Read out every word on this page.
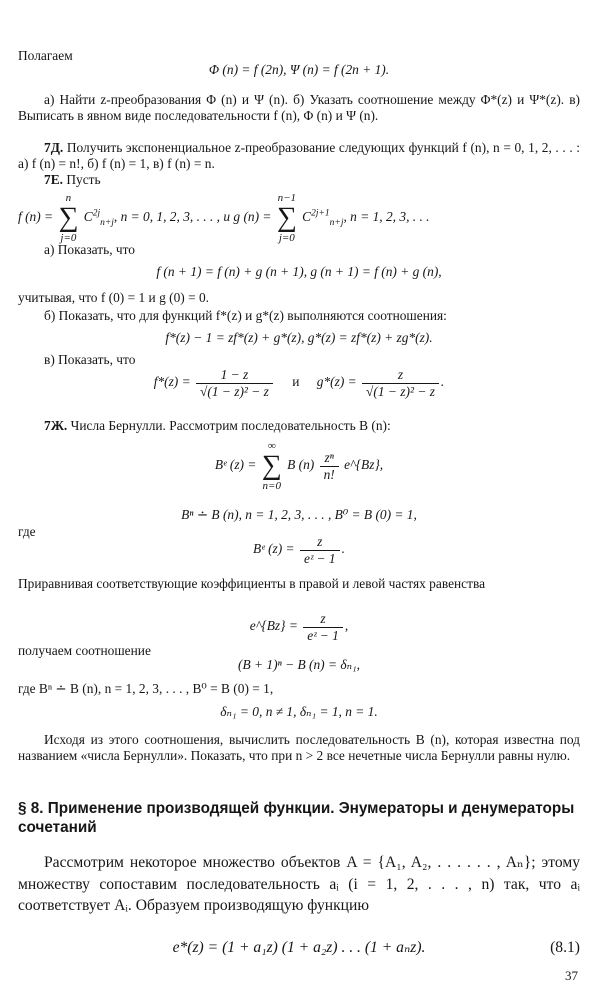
Полагаем
Φ (n) = f (2n), Ψ (n) = f (2n + 1).
а) Найти z-преобразования Φ (n) и Ψ (n). б) Указать соотношение между Φ*(z) и Ψ*(z). в) Выписать в явном виде последовательности f (n), Φ (n) и Ψ (n).
7Д. Получить экспоненциальное z-преобразование следующих функций f (n), n = 0, 1, 2, . . . : а) f (n) = n!, б) f (n) = 1, в) f (n) = n.
7Е. Пусть
f (n) = n
∑
j=0 $C^{2j}_{n+j}$, n = 0, 1, 2, 3, . . . , и g (n) = n−1
∑
j=0 $C^{2j+1}_{n+j}$, n = 1, 2, 3, . . .
а) Показать, что
f (n + 1) = f (n) + g (n + 1), g (n + 1) = f (n) + g (n),
учитывая, что f (0) = 1 и g (0) = 0.
б) Показать, что для функций f*(z) и g*(z) выполняются соотношения:
f*(z) − 1 = zf*(z) + g*(z), g*(z) = zf*(z) + zg*(z).
в) Показать, что
$f*(z) = \frac{1 - z}{\text{√(1 − z)² − z}}$ и $g*(z) = \frac{z}{\text{√(1 − z)² − z}}$ .
7Ж. Числа Бернулли. Рассмотрим последовательность B (n):
Bᵉ (z) = ∞
∑
n=0 B $(n) \frac{\text{zⁿ}}{n!}$ e^{Bz},
Bⁿ ∸ B (n), n = 1, 2, 3, . . . , B⁰ = B (0) = 1,
где
Bᵉ $(z) = \frac{z}{\text{eᶻ − 1}}$ .
Приравнивая соответствующие коэффициенты в правой и левой частях равенства
e^{Bz} = $\frac{z}{\text{eᶻ − 1}}$ ,
получаем соотношение
(B + 1)ⁿ − B (n) = δₙ₁,
где Bⁿ ∸ B (n), n = 1, 2, 3, . . . , B⁰ = B (0) = 1,
δₙ₁ = 0, n ≠ 1, δₙ₁ = 1, n = 1.
Исходя из этого соотношения, вычислить последовательность B (n), которая известна под названием «числа Бернулли». Показать, что при n > 2 все нечетные числа Бернулли равны нулю.
§ 8. Применение производящей функции. Энумераторы и денумераторы сочетаний
Рассмотрим некоторое множество объектов A = {A₁, A₂, . . . . . . , Aₙ}; этому множеству сопоставим последовательность aᵢ (i = 1, 2, . . . , n) так, что aᵢ соответствует Aᵢ. Образуем производящую функцию
e*(z) = (1 + a₁z) (1 + a₂z) . . . (1 + aₙz).	(8.1)
37
